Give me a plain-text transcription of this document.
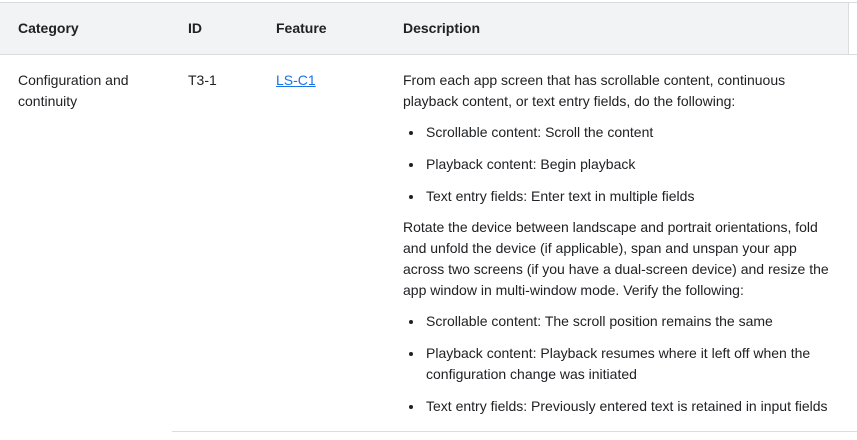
Category	ID	Feature	Description
Configuration and continuity	T3-1	LS-C1	From each app screen that has scrollable content, continuous playback content, or text entry fields, do the following:

• Scrollable content: Scroll the content
• Playback content: Begin playback
• Text entry fields: Enter text in multiple fields

Rotate the device between landscape and portrait orientations, fold and unfold the device (if applicable), span and unspan your app across two screens (if you have a dual-screen device) and resize the app window in multi-window mode. Verify the following:

• Scrollable content: The scroll position remains the same
• Playback content: Playback resumes where it left off when the configuration change was initiated
• Text entry fields: Previously entered text is retained in input fields
